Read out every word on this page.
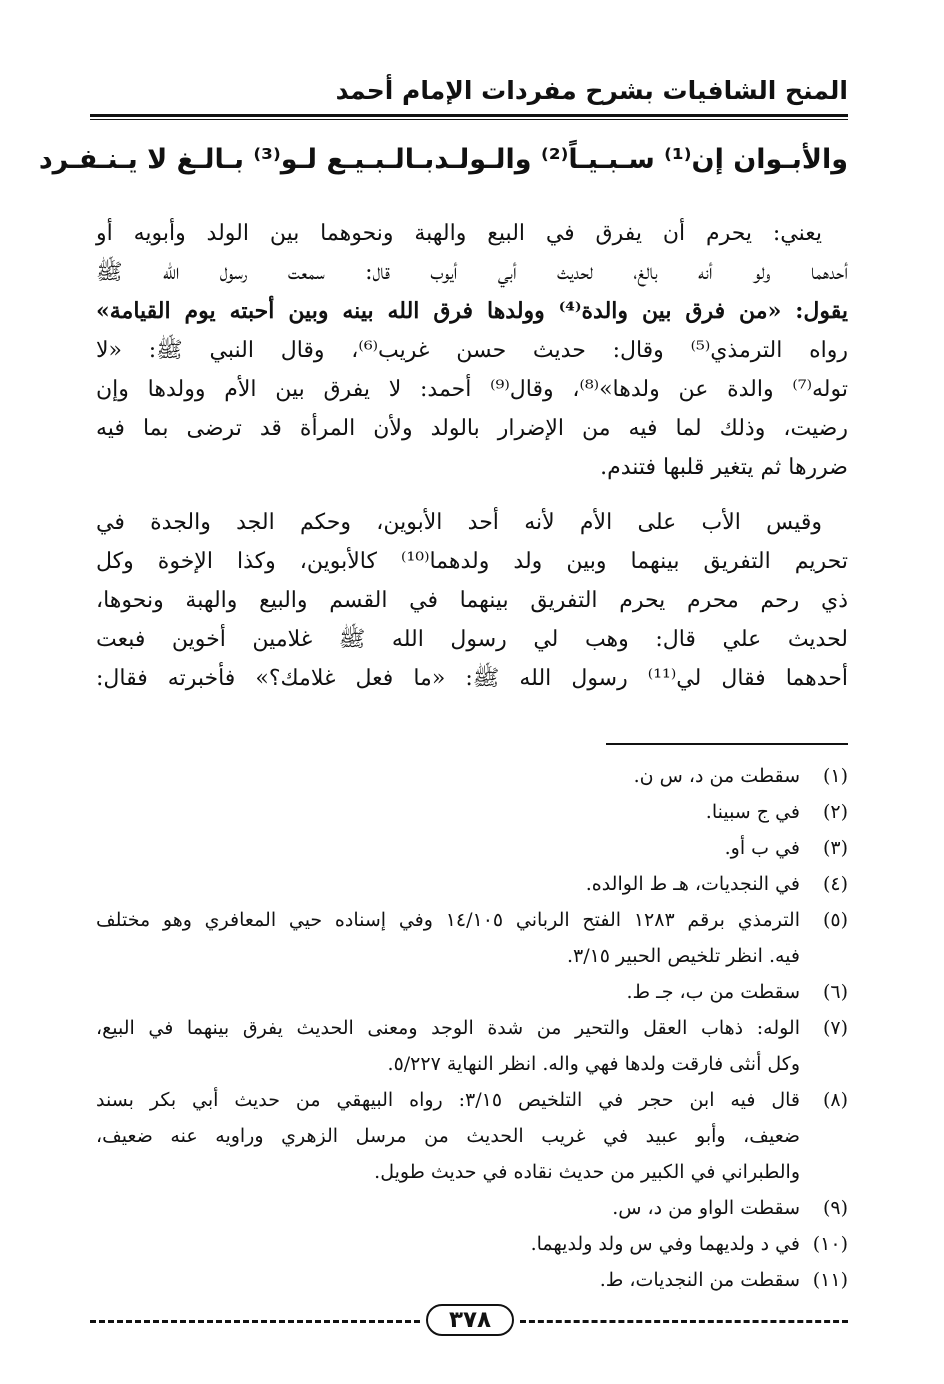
المنح الشافيات بشرح مفردات الإمام أحمد
والأبـوان إن⁽¹⁾ سـبـيـاً⁽²⁾ والـولـد
بـالـبـيـع لـو⁽³⁾ بـالـغ لا يـنـفـرد

يعني: يحرم أن يفرق في البيع والهبة ونحوهما بين الولد وأبويه أو
أحدهما ولو أنه بالغ، لحديث أبي أيوب قال: سمعت رسول الله ﷺ
يقول: «من فرق بين والدة⁽⁴⁾ وولدها فرق الله بينه وبين أحبته يوم القيامة»
رواه الترمذي⁽⁵⁾ وقال: حديث حسن غريب⁽⁶⁾، وقال النبي ﷺ: «لا
توله⁽⁷⁾ والدة عن ولدها»⁽⁸⁾، وقال⁽⁹⁾ أحمد: لا يفرق بين الأم وولدها وإن
رضيت، وذلك لما فيه من الإضرار بالولد ولأن المرأة قد ترضى بما فيه
ضررها ثم يتغير قلبها فتندم.

وقيس الأب على الأم لأنه أحد الأبوين، وحكم الجد والجدة في
تحريم التفريق بينهما وبين ولد ولدهما⁽¹⁰⁾ كالأبوين، وكذا الإخوة وكل
ذي رحم محرم يحرم التفريق بينهما في القسم والبيع والهبة ونحوها،
لحديث علي قال: وهب لي رسول الله ﷺ غلامين أخوين فبعت
أحدهما فقال لي⁽¹¹⁾ رسول الله ﷺ: «ما فعل غلامك؟» فأخبرته فقال:

(١)
سقطت من د، س ن.
(٢)
في ج سبينا.
(٣)
في ب أو.
(٤)
في النجديات، هـ ط الوالده.
(٥)
الترمذي برقم ١٢٨٣ الفتح الرباني ١٤/١٠٥ وفي إسناده حيي المعافري وهو مختلف
فيه. انظر تلخيص الحبير ٣/١٥.
(٦)
سقطت من ب، جـ ط.
(٧)
الوله: ذهاب العقل والتحير من شدة الوجد ومعنى الحديث يفرق بينهما في البيع،
وكل أنثى فارقت ولدها فهي واله. انظر النهاية ٥/٢٢٧.
(٨)
قال فيه ابن حجر في التلخيص ٣/١٥: رواه البيهقي من حديث أبي بكر بسند
ضعيف، وأبو عبيد في غريب الحديث من مرسل الزهري وراويه عنه ضعيف،
والطبراني في الكبير من حديث نقاده في حديث طويل.
(٩)
سقطت الواو من د، س.
(١٠)
في د ولديهما وفي س ولد ولديهما.
(١١)
سقطت من النجديات، ط.
٣٧٨
